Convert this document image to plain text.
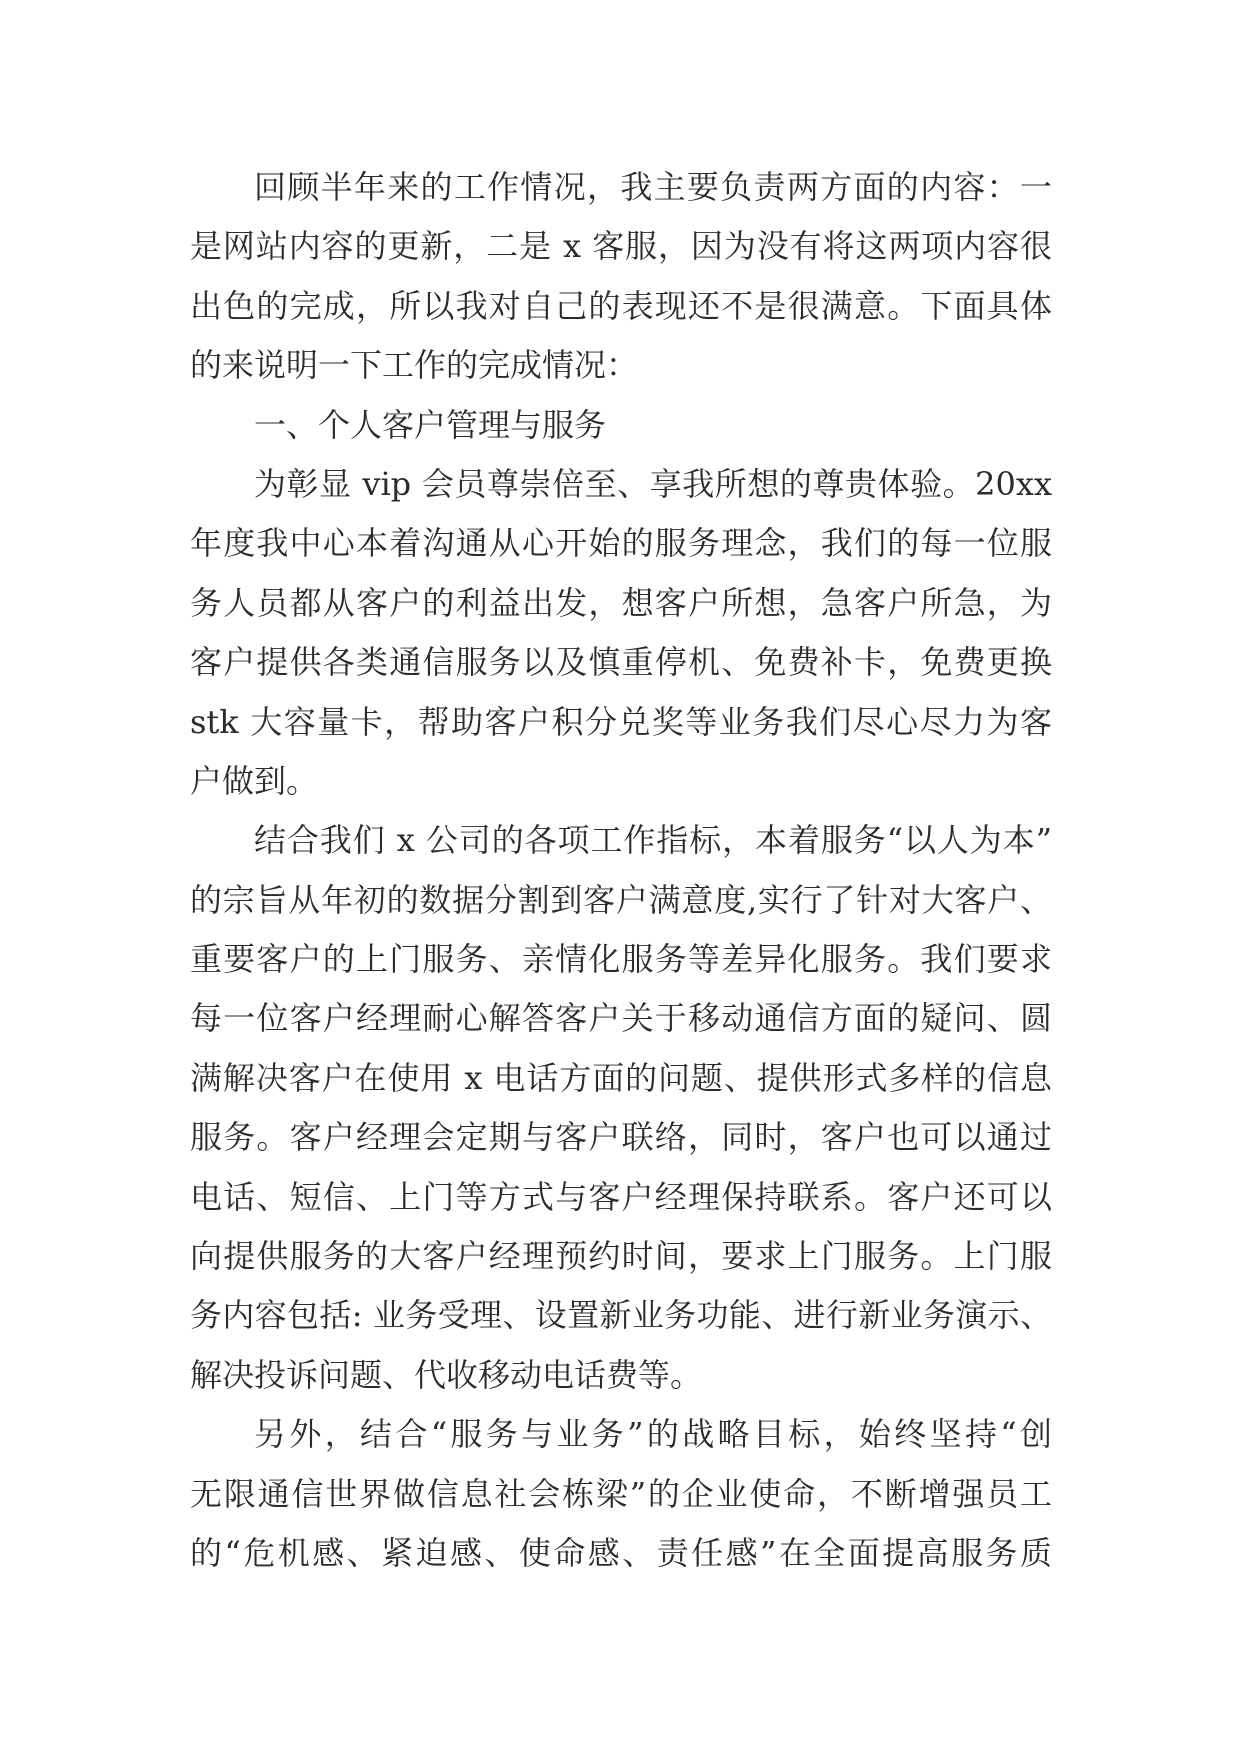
回顾半年来的工作情况，我主要负责两方面的内容：一
是网站内容的更新，二是 x 客服，因为没有将这两项内容很
出色的完成，所以我对自己的表现还不是很满意。下面具体
的来说明一下工作的完成情况：
一、个人客户管理与服务
为彰显 vip 会员尊崇倍至、享我所想的尊贵体验。20xx
年度我中心本着沟通从心开始的服务理念，我们的每一位服
务人员都从客户的利益出发，想客户所想，急客户所急，为
客户提供各类通信服务以及慎重停机、免费补卡，免费更换
stk 大容量卡，帮助客户积分兑奖等业务我们尽心尽力为客
户做到。
结合我们 x 公司的各项工作指标，本着服务“以人为本”
的宗旨从年初的数据分割到客户满意度,实行了针对大客户、
重要客户的上门服务、亲情化服务等差异化服务。我们要求
每一位客户经理耐心解答客户关于移动通信方面的疑问、圆
满解决客户在使用 x 电话方面的问题、提供形式多样的信息
服务。客户经理会定期与客户联络，同时，客户也可以通过
电话、短信、上门等方式与客户经理保持联系。客户还可以
向提供服务的大客户经理预约时间，要求上门服务。上门服
务内容包括: 业务受理、设置新业务功能、进行新业务演示、
解决投诉问题、代收移动电话费等。
另外，结合“服务与业务”的战略目标，始终坚持“创
无限通信世界做信息社会栋梁”的企业使命，不断增强员工
的“危机感、紧迫感、使命感、责任感”在全面提高服务质
